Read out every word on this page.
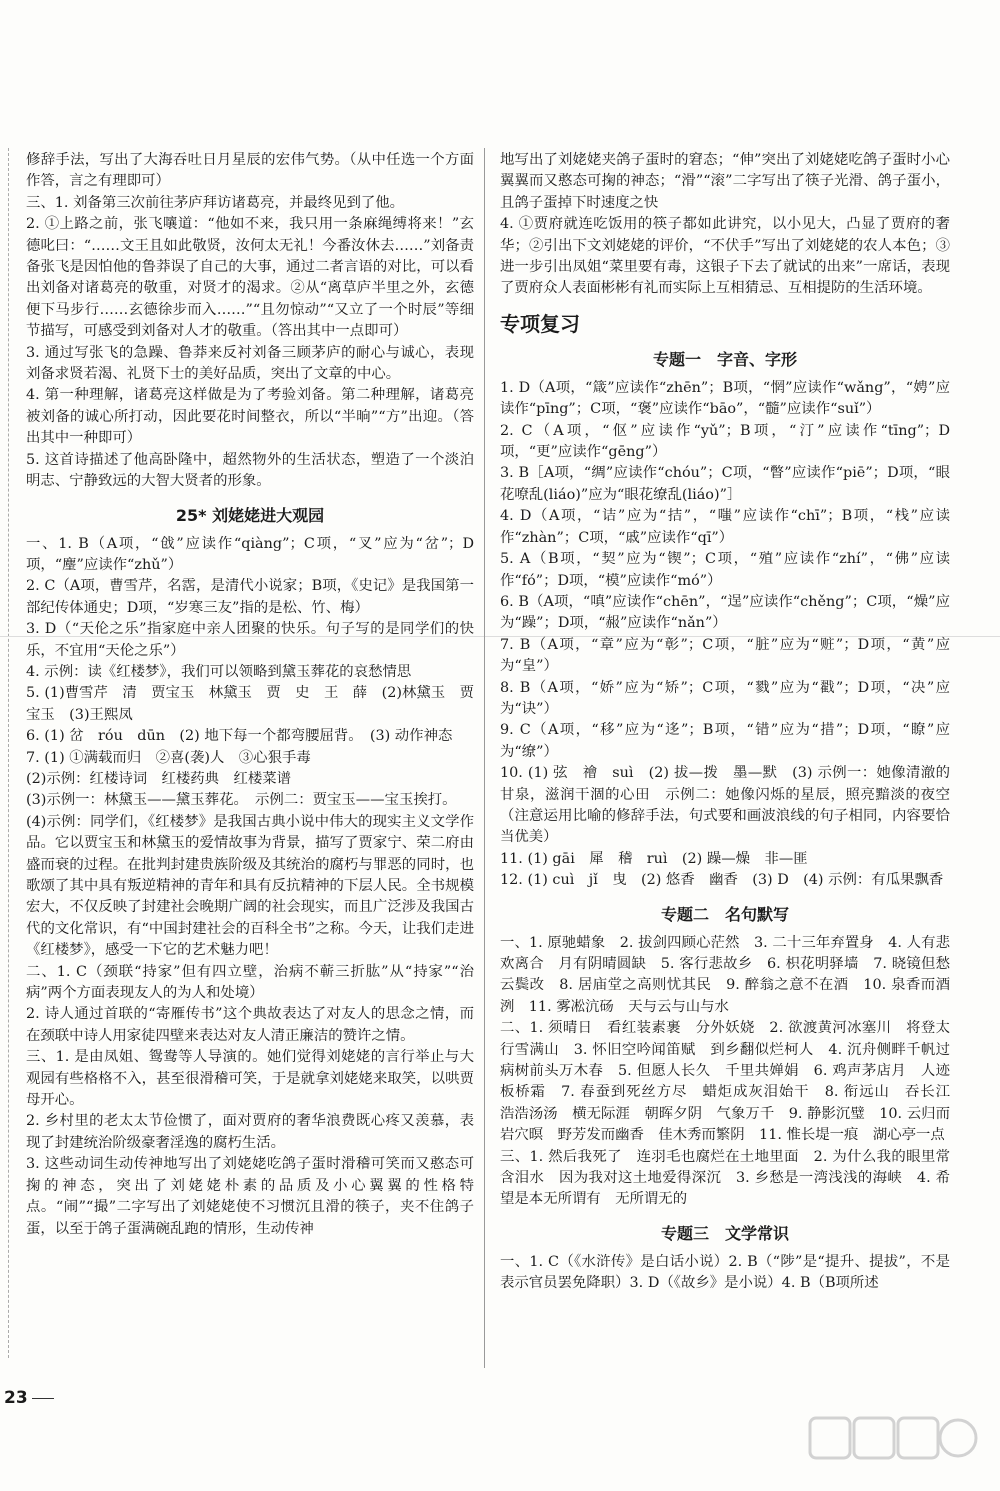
修辞手法，写出了大海吞吐日月星辰的宏伟气势。（从中任选一个方面作答，言之有理即可）

三、1. 刘备第三次前往茅庐拜访诸葛亮，并最终见到了他。

2. ①上路之前，张飞嚷道：“他如不来，我只用一条麻绳缚将来！”玄德叱曰：“……文王且如此敬贤，汝何太无礼！今番汝休去……”刘备责备张飞是因怕他的鲁莽误了自己的大事，通过二者言语的对比，可以看出刘备对诸葛亮的敬重，对贤才的渴求。②从“离草庐半里之外，玄德便下马步行……玄德徐步而入……”“且勿惊动”“又立了一个时辰”等细节描写，可感受到刘备对人才的敬重。（答出其中一点即可）

3. 通过写张飞的急躁、鲁莽来反衬刘备三顾茅庐的耐心与诚心，表现刘备求贤若渴、礼贤下士的美好品质，突出了文章的中心。

4. 第一种理解，诸葛亮这样做是为了考验刘备。第二种理解，诸葛亮被刘备的诚心所打动，因此要花时间整衣，所以“半晌”“方”出迎。（答出其中一种即可）

5. 这首诗描述了他高卧隆中，超然物外的生活状态，塑造了一个淡泊明志、宁静致远的大智大贤者的形象。

25* 刘姥姥进大观园

一、1. B（A项，“戗”应读作“qiàng”；C项，“叉”应为“岔”；D项，“麈”应读作“zhǔ”）

2. C（A项，曹雪芹，名霑，是清代小说家；B项，《史记》是我国第一部纪传体通史；D项，“岁寒三友”指的是松、竹、梅）

3. D（“天伦之乐”指家庭中亲人团聚的快乐。句子写的是同学们的快乐，不宜用“天伦之乐”）

4. 示例：读《红楼梦》，我们可以领略到黛玉葬花的哀愁情思

5. (1)曹雪芹　清　贾宝玉　林黛玉　贾　史　王　薛　(2)林黛玉　贾宝玉　(3)王熙凤

6. (1) 岔　róu　dūn　(2) 地下每一个都弯腰屈背。　(3) 动作神态

7. (1) ①满载而归　②喜(袭)人　③心狠手毒

(2)示例：红楼诗词　红楼药典　红楼菜谱

(3)示例一：林黛玉——黛玉葬花。　示例二：贾宝玉——宝玉挨打。

(4)示例：同学们，《红楼梦》是我国古典小说中伟大的现实主义文学作品。它以贾宝玉和林黛玉的爱情故事为背景，描写了贾家宁、荣二府由盛而衰的过程。在批判封建贵族阶级及其统治的腐朽与罪恶的同时，也歌颂了其中具有叛逆精神的青年和具有反抗精神的下层人民。全书规模宏大，不仅反映了封建社会晚期广阔的社会现实，而且广泛涉及我国古代的文化常识，有“中国封建社会的百科全书”之称。今天，让我们走进《红楼梦》，感受一下它的艺术魅力吧！

二、1. C（颈联“持家”但有四立壁，治病不蕲三折肱”从“持家”“治病”两个方面表现友人的为人和处境）

2. 诗人通过首联的“寄雁传书”这个典故表达了对友人的思念之情，而在颈联中诗人用家徒四壁来表达对友人清正廉洁的赞许之情。

三、1. 是由凤姐、鸳鸯等人导演的。她们觉得刘姥姥的言行举止与大观园有些格格不入，甚至很滑稽可笑，于是就拿刘姥姥来取笑，以哄贾母开心。

2. 乡村里的老太太节俭惯了，面对贾府的奢华浪费既心疼又羡慕，表现了封建统治阶级豪奢淫逸的腐朽生活。

3. 这些动词生动传神地写出了刘姥姥吃鸽子蛋时滑稽可笑而又憨态可掬的神态，突出了刘姥姥朴素的品质及小心翼翼的性格特点。“闹”“撮”二字写出了刘姥姥使不习惯沉且滑的筷子，夹不住鸽子蛋，以至于鸽子蛋满碗乱跑的情形，生动传神

地写出了刘姥姥夹鸽子蛋时的窘态；“伸”突出了刘姥姥吃鸽子蛋时小心翼翼而又憨态可掬的神态；“滑”“滚”二字写出了筷子光滑、鸽子蛋小，且鸽子蛋掉下时速度之快

4. ①贾府就连吃饭用的筷子都如此讲究，以小见大，凸显了贾府的奢华；②引出下文刘姥姥的评价，“不伏手”写出了刘姥姥的农人本色；③进一步引出凤姐“菜里要有毒，这银子下去了就试的出来”一席话，表现了贾府众人表面彬彬有礼而实际上互相猜忌、互相提防的生活环境。

专项复习
专题一　字音、字形

1. D（A项，“箴”应读作“zhēn”；B项，“惘”应读作“wǎng”，“娉”应读作“pīng”；C项，“褒”应读作“bāo”，“髓”应读作“suǐ”）

2. C（A项，“伛”应读作“yǔ”；B项，“汀”应读作“tīng”；D项，“更”应读作“gēng”）

3. B［A项，“绸”应读作“chóu”；C项，“瞥”应读作“piē”；D项，“眼花嘹乱(liáo)”应为“眼花缭乱(liáo)”］

4. D（A项，“诘”应为“拮”，“嗤”应读作“chī”；B项，“栈”应读作“zhàn”；C项，“戚”应读作“qī”）

5. A（B项，“契”应为“锲”；C项，“殖”应读作“zhí”，“佛”应读作“fó”；D项，“模”应读作“mó”）

6. B（A项，“嗔”应读作“chēn”，“逞”应读作“chěng”；C项，“燥”应为“躁”；D项，“赧”应读作“nǎn”）

7. B（A项，“章”应为“彰”；C项，“脏”应为“赃”；D项，“黄”应为“皇”）

8. B（A项，“娇”应为“矫”；C项，“戮”应为“戳”；D项，“决”应为“诀”）

9. C（A项，“移”应为“迻”；B项，“错”应为“措”；D项，“瞭”应为“缭”）

10. (1) 弦　禬　suì　(2) 拔—拨　墨—默　(3) 示例一：她像清澈的甘泉，滋润干涸的心田　示例二：她像闪烁的星辰，照亮黯淡的夜空（注意运用比喻的修辞手法，句式要和画波浪线的句子相同，内容要恰当优美）

11. (1) gāi　犀　稽　ruì　(2) 躁—燥　非—匪

12. (1) cuì　jǐ　曳　(2) 悠香　幽香　(3) D　(4) 示例：有瓜果飘香

专题二　名句默写

一、1. 原驰蜡象　2. 拔剑四顾心茫然　3. 二十三年弃置身　4. 人有悲欢离合　月有阴晴圆缺　5. 客行悲故乡　6. 枳花明驿墙　7. 晓镜但愁云鬓改　8. 居庙堂之高则忧其民　9. 醉翁之意不在酒　10. 泉香而酒洌　11. 雾凇沆砀　天与云与山与水

二、1. 须晴日　看红装素裹　分外妖娆　2. 欲渡黄河冰塞川　将登太行雪满山　3. 怀旧空吟闻笛赋　到乡翻似烂柯人　4. 沉舟侧畔千帆过　病树前头万木春　5. 但愿人长久　千里共婵娟　6. 鸡声茅店月　人迹板桥霜　7. 春蚕到死丝方尽　蜡炬成灰泪始干　8. 衔远山　吞长江　浩浩汤汤　横无际涯　朝晖夕阴　气象万千　9. 静影沉璧　10. 云归而岩穴暝　野芳发而幽香　佳木秀而繁阴　11. 惟长堤一痕　湖心亭一点

三、1. 然后我死了　连羽毛也腐烂在土地里面　2. 为什么我的眼里常含泪水　因为我对这土地爱得深沉　3. 乡愁是一湾浅浅的海峡　4. 希望是本无所谓有　无所谓无的

专题三　文学常识

一、1. C（《水浒传》是白话小说）2. B（“陟”是“提升、提拔”，不是表示官员罢免降职）3. D（《故乡》是小说）4. B（B项所述

23
